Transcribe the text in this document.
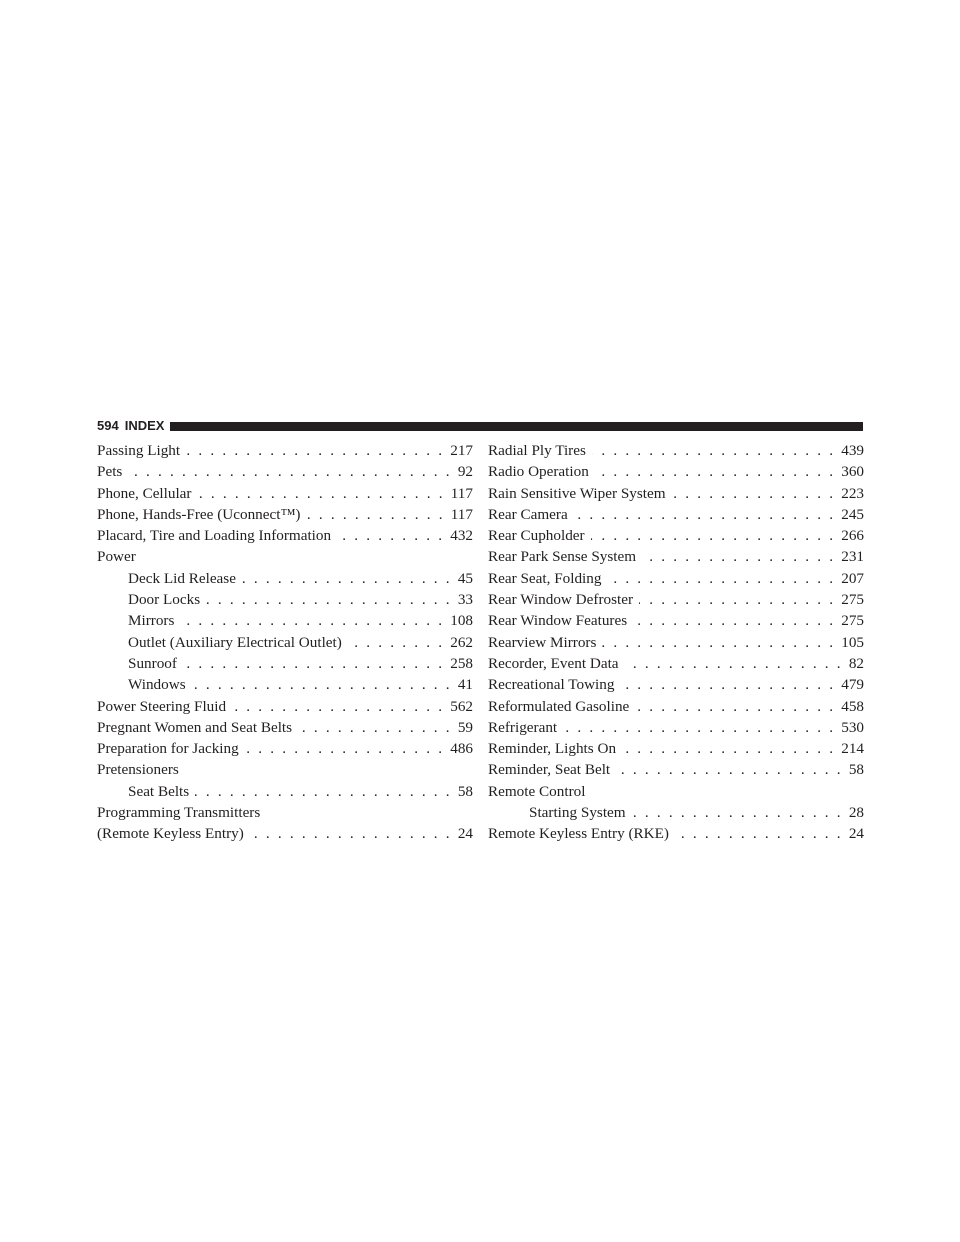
594 INDEX
Passing Light . . .	217
Pets . . .	92
Phone, Cellular . . .	117
Phone, Hands-Free (Uconnect™) . . .	117
Placard, Tire and Loading Information . . .	432
Power
Deck Lid Release . . .	45
Door Locks . . .	33
Mirrors . . .	108
Outlet (Auxiliary Electrical Outlet) . . .	262
Sunroof . . .	258
Windows . . .	41
Power Steering Fluid . . .	562
Pregnant Women and Seat Belts . . .	59
Preparation for Jacking . . .	486
Pretensioners
Seat Belts . . .	58
Programming Transmitters
(Remote Keyless Entry) . . .	24
Radial Ply Tires . . .	439
Radio Operation . . .	360
Rain Sensitive Wiper System . . .	223
Rear Camera . . .	245
Rear Cupholder . . .	266
Rear Park Sense System . . .	231
Rear Seat, Folding . . .	207
Rear Window Defroster . . .	275
Rear Window Features . . .	275
Rearview Mirrors . . .	105
Recorder, Event Data . . .	82
Recreational Towing . . .	479
Reformulated Gasoline . . .	458
Refrigerant . . .	530
Reminder, Lights On . . .	214
Reminder, Seat Belt . . .	58
Remote Control
Starting System . . .	28
Remote Keyless Entry (RKE) . . .	24
